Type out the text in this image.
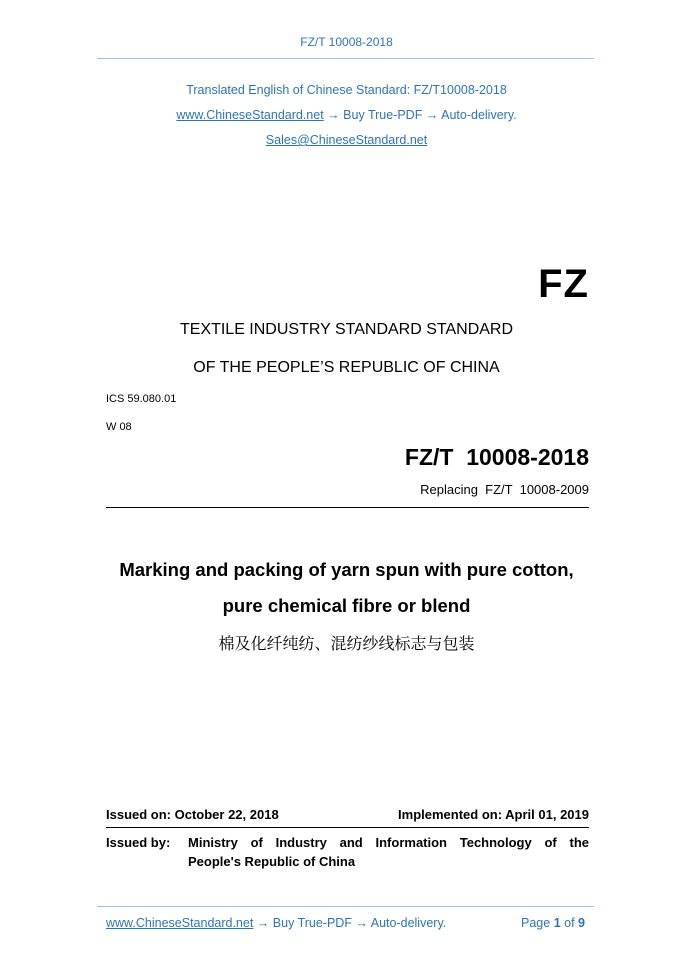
FZ/T 10008-2018
Translated English of Chinese Standard: FZ/T10008-2018
www.ChineseStandard.net → Buy True-PDF → Auto-delivery.
Sales@ChineseStandard.net
FZ
TEXTILE INDUSTRY STANDARD STANDARD
OF THE PEOPLE’S REPUBLIC OF CHINA
ICS 59.080.01
W 08
FZ/T  10008-2018
Replacing  FZ/T  10008-2009
Marking and packing of yarn spun with pure cotton,
pure chemical fibre or blend
棉及化纤纯纺、混纺纱线标志与包装
Issued on: October 22, 2018	Implemented on: April 01, 2019
Issued by: Ministry of Industry and Information Technology of the
People's Republic of China
www.ChineseStandard.net → Buy True-PDF → Auto-delivery.	Page 1 of 9
